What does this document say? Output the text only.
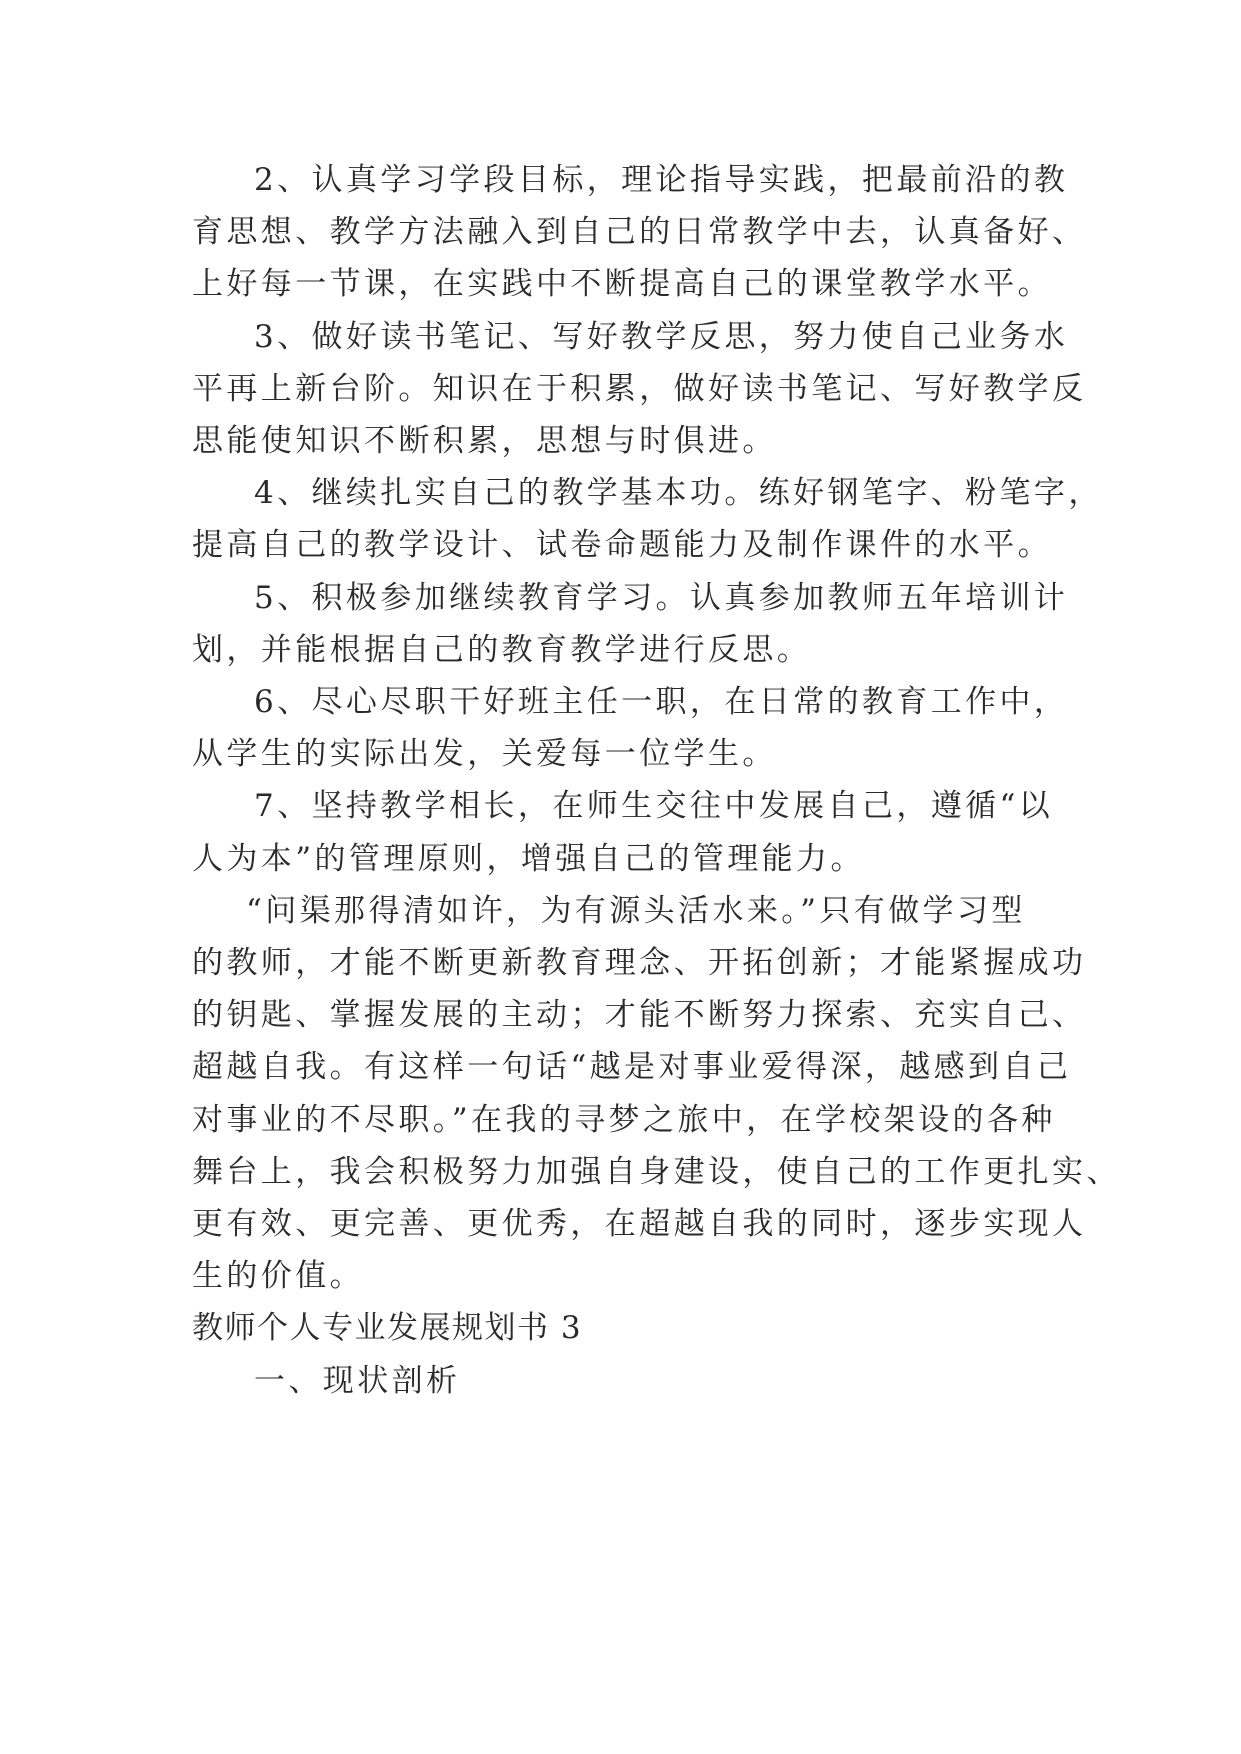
2、认真学习学段目标，理论指导实践，把最前沿的教
育思想、教学方法融入到自己的日常教学中去，认真备好、
上好每一节课，在实践中不断提高自己的课堂教学水平。
3、做好读书笔记、写好教学反思，努力使自己业务水
平再上新台阶。知识在于积累，做好读书笔记、写好教学反
思能使知识不断积累，思想与时俱进。
4、继续扎实自己的教学基本功。练好钢笔字、粉笔字，
提高自己的教学设计、试卷命题能力及制作课件的水平。
5、积极参加继续教育学习。认真参加教师五年培训计
划，并能根据自己的教育教学进行反思。
6、尽心尽职干好班主任一职，在日常的教育工作中，
从学生的实际出发，关爱每一位学生。
7、坚持教学相长，在师生交往中发展自己，遵循“以
人为本”的管理原则，增强自己的管理能力。
“问渠那得清如许，为有源头活水来。”只有做学习型
的教师，才能不断更新教育理念、开拓创新；才能紧握成功
的钥匙、掌握发展的主动；才能不断努力探索、充实自己、
超越自我。有这样一句话“越是对事业爱得深，越感到自己
对事业的不尽职。”在我的寻梦之旅中，在学校架设的各种
舞台上，我会积极努力加强自身建设，使自己的工作更扎实、
更有效、更完善、更优秀，在超越自我的同时，逐步实现人
生的价值。
教师个人专业发展规划书 3
一、现状剖析
